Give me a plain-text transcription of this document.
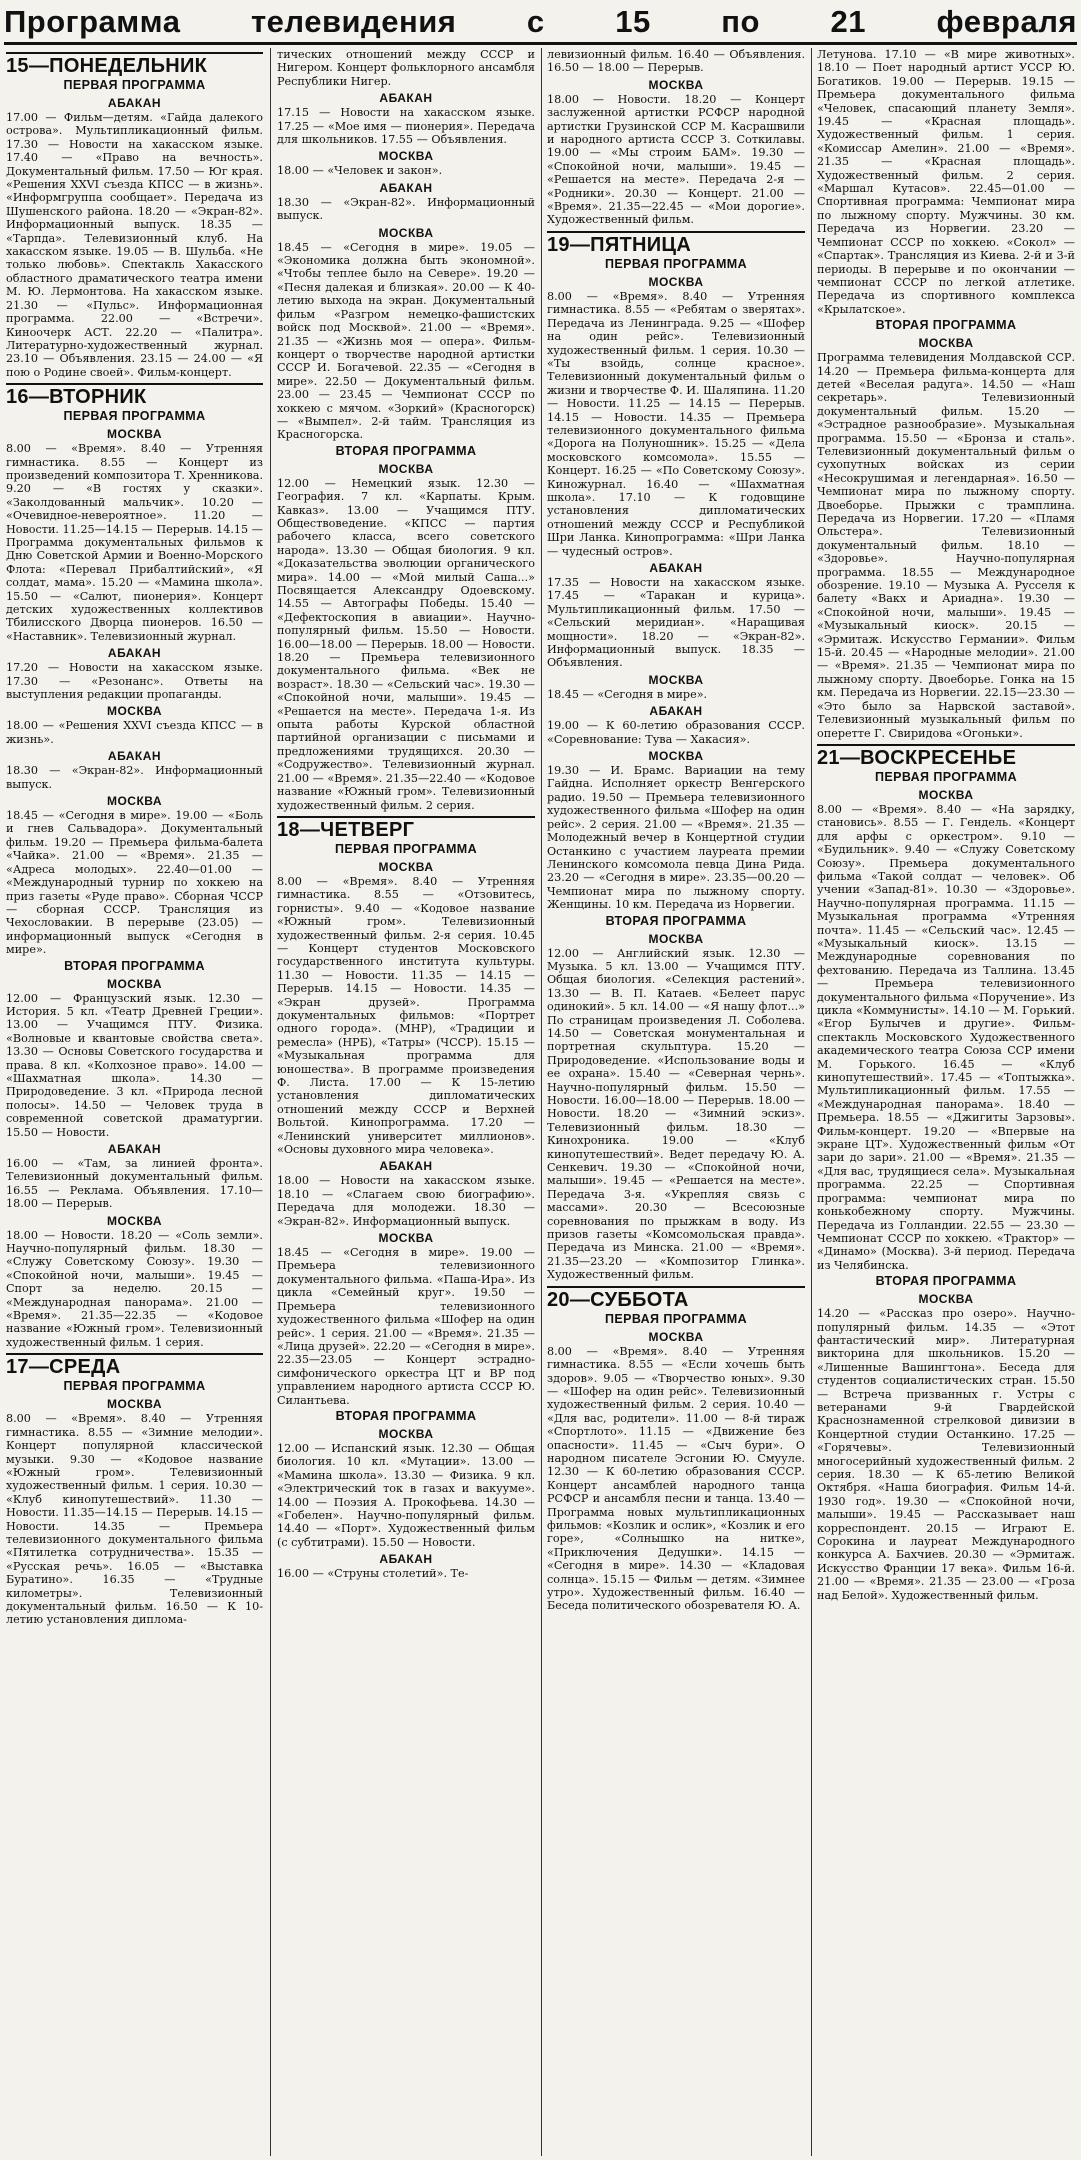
Программа телевидения с 15 по 21 февраля
15—ПОНЕДЕЛЬНИК
ПЕРВАЯ ПРОГРАММА
АБАКАН

17.00 — Фильм—детям. «Гайда далекого острова». Мультипликационный фильм. 17.30 — Новости на хакасском языке. 17.40 — «Право на вечность». Документальный фильм. 17.50 — Юг края. «Решения XXVI съезда КПСС — в жизнь». «Информгруппа сообщает». Передача из Шушенского района. 18.20 — «Экран-82». Информационный выпуск. 18.35 — «Тарпда». Телевизионный клуб. На хакасском языке. 19.05 — В. Шульба. «Не только любовь». Спектакль Хакасского областного драматического театра имени М. Ю. Лермонтова. На хакасском языке. 21.30 — «Пульс». Информационная программа. 22.00 — «Встречи». Киноочерк АСТ. 22.20 — «Палитра». Литературно-художественный журнал. 23.10 — Объявления. 23.15 — 24.00 — «Я пою о Родине своей». Фильм-концерт.

16—ВТОРНИК
ПЕРВАЯ ПРОГРАММА
МОСКВА

8.00 — «Время». 8.40 — Утренняя гимнастика. 8.55 — Концерт из произведений композитора Т. Хренникова. 9.20 — «В гостях у сказки». «Заколдованный мальчик». 10.20 — «Очевидное-невероятное». 11.20 — Новости. 11.25—14.15 — Перерыв. 14.15 — Программа документальных фильмов к Дню Советской Армии и Военно-Морского Флота: «Перевал Прибалтийский», «Я солдат, мама». 15.20 — «Мамина школа». 15.50 — «Салют, пионерия». Концерт детских художественных коллективов Тбилисского Дворца пионеров. 16.50 — «Наставник». Телевизионный журнал.

АБАКАН

17.20 — Новости на хакасском языке. 17.30 — «Резонанс». Ответы на выступления редакции пропаганды.

МОСКВА

18.00 — «Решения XXVI съезда КПСС — в жизнь».

АБАКАН

18.30 — «Экран-82». Информационный выпуск.

МОСКВА

18.45 — «Сегодня в мире». 19.00 — «Боль и гнев Сальвадора». Документальный фильм. 19.20 — Премьера фильма-балета «Чайка». 21.00 — «Время». 21.35 — «Адреса молодых». 22.40—01.00 — «Международный турнир по хоккею на приз газеты «Руде право». Сборная ЧССР — сборная СССР. Трансляция из Чехословакии. В перерыве (23.05) — информационный выпуск «Сегодня в мире».

ВТОРАЯ ПРОГРАММА
МОСКВА

12.00 — Французский язык. 12.30 — История. 5 кл. «Театр Древней Греции». 13.00 — Учащимся ПТУ. Физика. «Волновые и квантовые свойства света». 13.30 — Основы Советского государства и права. 8 кл. «Колхозное право». 14.00 — «Шахматная школа». 14.30 — Природоведение. 3 кл. «Природа лесной полосы». 14.50 — Человек труда в современной советской драматургии. 15.50 — Новости.

АБАКАН

16.00 — «Там, за линией фронта». Телевизионный документальный фильм. 16.55 — Реклама. Объявления. 17.10—18.00 — Перерыв.

МОСКВА

18.00 — Новости. 18.20 — «Соль земли». Научно-популярный фильм. 18.30 — «Служу Советскому Союзу». 19.30 — «Спокойной ночи, малыши». 19.45 — Спорт за неделю. 20.15 — «Международная панорама». 21.00 — «Время». 21.35—22.35 — «Кодовое название «Южный гром». Телевизионный художественный фильм. 1 серия.

17—СРЕДА
ПЕРВАЯ ПРОГРАММА
МОСКВА

8.00 — «Время». 8.40 — Утренняя гимнастика. 8.55 — «Зимние мелодии». Концерт популярной классической музыки. 9.30 — «Кодовое название «Южный гром». Телевизионный художественный фильм. 1 серия. 10.30 — «Клуб кинопутешествий». 11.30 — Новости. 11.35—14.15 — Перерыв. 14.15 — Новости. 14.35 — Премьера телевизионного документального фильма «Пятилетка сотрудничества». 15.35 — «Русская речь». 16.05 — «Выставка Буратино». 16.35 — «Трудные километры». Телевизионный документальный фильм. 16.50 — К 10-летию установления диплома-

тических отношений между СССР и Нигером. Концерт фольклорного ансамбля Республики Нигер.

АБАКАН

17.15 — Новости на хакасском языке. 17.25 — «Мое имя — пионерия». Передача для школьников. 17.55 — Объявления.

МОСКВА

18.00 — «Человек и закон».

АБАКАН

18.30 — «Экран-82». Информационный выпуск.

МОСКВА

18.45 — «Сегодня в мире». 19.05 — «Экономика должна быть экономной». «Чтобы теплее было на Севере». 19.20 — «Песня далекая и близкая». 20.00 — К 40-летию выхода на экран. Документальный фильм «Разгром немецко-фашистских войск под Москвой». 21.00 — «Время». 21.35 — «Жизнь моя — опера». Фильм-концерт о творчестве народной артистки СССР И. Богачевой. 22.35 — «Сегодня в мире». 22.50 — Документальный фильм. 23.00 — 23.45 — Чемпионат СССР по хоккею с мячом. «Зоркий» (Красногорск) — «Вымпел». 2-й тайм. Трансляция из Красногорска.

ВТОРАЯ ПРОГРАММА
МОСКВА

12.00 — Немецкий язык. 12.30 — География. 7 кл. «Карпаты. Крым. Кавказ». 13.00 — Учащимся ПТУ. Обществоведение. «КПСС — партия рабочего класса, всего советского народа». 13.30 — Общая биология. 9 кл. «Доказательства эволюции органического мира». 14.00 — «Мой милый Саша...» Посвящается Александру Одоевскому. 14.55 — Автографы Победы. 15.40 — «Дефектоскопия в авиации». Научно-популярный фильм. 15.50 — Новости. 16.00—18.00 — Перерыв. 18.00 — Новости. 18.20 — Премьера телевизионного документального фильма. «Век не возраст». 18.30 — «Сельский час». 19.30 — «Спокойной ночи, малыши». 19.45 — «Решается на месте». Передача 1-я. Из опыта работы Курской областной партийной организации с письмами и предложениями трудящихся. 20.30 — «Содружество». Телевизионный журнал. 21.00 — «Время». 21.35—22.40 — «Кодовое название «Южный гром». Телевизионный художественный фильм. 2 серия.

18—ЧЕТВЕРГ
ПЕРВАЯ ПРОГРАММА
МОСКВА

8.00 — «Время». 8.40 — Утренняя гимнастика. 8.55 — «Отзовитесь, горнисты». 9.40 — «Кодовое название «Южный гром». Телевизионный художественный фильм. 2-я серия. 10.45 — Концерт студентов Московского государственного института культуры. 11.30 — Новости. 11.35 — 14.15 — Перерыв. 14.15 — Новости. 14.35 — «Экран друзей». Программа документальных фильмов: «Портрет одного города». (МНР), «Традиции и ремесла» (НРБ), «Татры» (ЧССР). 15.15 — «Музыкальная программа для юношества». В программе произведения Ф. Листа. 17.00 — К 15-летию установления дипломатических отношений между СССР и Верхней Вольтой. Кинопрограмма. 17.20 — «Ленинский университет миллионов». «Основы духовного мира человека».

АБАКАН

18.00 — Новости на хакасском языке. 18.10 — «Слагаем свою биографию». Передача для молодежи. 18.30 — «Экран-82». Информационный выпуск.

МОСКВА

18.45 — «Сегодня в мире». 19.00 — Премьера телевизионного документального фильма. «Паша-Ира». Из цикла «Семейный круг». 19.50 — Премьера телевизионного художественного фильма «Шофер на один рейс». 1 серия. 21.00 — «Время». 21.35 — «Лица друзей». 22.20 — «Сегодня в мире». 22.35—23.05 — Концерт эстрадно-симфонического оркестра ЦТ и ВР под управлением народного артиста СССР Ю. Силантьева.

ВТОРАЯ ПРОГРАММА
МОСКВА

12.00 — Испанский язык. 12.30 — Общая биология. 10 кл. «Мутации». 13.00 — «Мамина школа». 13.30 — Физика. 9 кл. «Электрический ток в газах и вакууме». 14.00 — Поэзия А. Прокофьева. 14.30 — «Гобелен». Научно-популярный фильм. 14.40 — «Порт». Художественный фильм (с субтитрами). 15.50 — Новости.

АБАКАН

16.00 — «Струны столетий». Те-

левизионный фильм. 16.40 — Объявления. 16.50 — 18.00 — Перерыв.

МОСКВА

18.00 — Новости. 18.20 — Концерт заслуженной артистки РСФСР народной артистки Грузинской ССР М. Касрашвили и народного артиста СССР З. Соткилавы. 19.00 — «Мы строим БАМ». 19.30 — «Спокойной ночи, малыши». 19.45 — «Решается на месте». Передача 2-я — «Родники». 20.30 — Концерт. 21.00 — «Время». 21.35—22.45 — «Мои дорогие». Художественный фильм.

19—ПЯТНИЦА
ПЕРВАЯ ПРОГРАММА
МОСКВА

8.00 — «Время». 8.40 — Утренняя гимнастика. 8.55 — «Ребятам о зверятах». Передача из Ленинграда. 9.25 — «Шофер на один рейс». Телевизионный художественный фильм. 1 серия. 10.30 — «Ты взойдь, солнце красное». Телевизионный документальный фильм о жизни и творчестве Ф. И. Шаляпина. 11.20 — Новости. 11.25 — 14.15 — Перерыв. 14.15 — Новости. 14.35 — Премьера телевизионного документального фильма «Дорога на Полуношник». 15.25 — «Дела московского комсомола». 15.55 — Концерт. 16.25 — «По Советскому Союзу». Киножурнал. 16.40 — «Шахматная школа». 17.10 — К годовщине установления дипломатических отношений между СССР и Республикой Шри Ланка. Кинопрограмма: «Шри Ланка — чудесный остров».

АБАКАН

17.35 — Новости на хакасском языке. 17.45 — «Таракан и курица». Мультипликационный фильм. 17.50 — «Сельский меридиан». «Наращивая мощности». 18.20 — «Экран-82». Информационный выпуск. 18.35 — Объявления.

МОСКВА

18.45 — «Сегодня в мире».

АБАКАН

19.00 — К 60-летию образования СССР. «Соревнование: Тува — Хакасия».

МОСКВА

19.30 — И. Брамс. Вариации на тему Гайдна. Исполняет оркестр Венгерского радио. 19.50 — Премьера телевизионного художественного фильма «Шофер на один рейс». 2 серия. 21.00 — «Время». 21.35 — Молодежный вечер в Концертной студии Останкино с участием лауреата премии Ленинского комсомола певца Дина Рида. 23.20 — «Сегодня в мире». 23.35—00.20 — Чемпионат мира по лыжному спорту. Женщины. 10 км. Передача из Норвегии.

ВТОРАЯ ПРОГРАММА
МОСКВА

12.00 — Английский язык. 12.30 — Музыка. 5 кл. 13.00 — Учащимся ПТУ. Общая биология. «Селекция растений». 13.30 — В. П. Катаев. «Белеет парус одинокий». 5 кл. 14.00 — «Я нашу флот...» По страницам произведения Л. Соболева. 14.50 — Советская монументальная и портретная скульптура. 15.20 — Природоведение. «Использование воды и ее охрана». 15.40 — «Северная чернь». Научно-популярный фильм. 15.50 — Новости. 16.00—18.00 — Перерыв. 18.00 — Новости. 18.20 — «Зимний эскиз». Телевизионный фильм. 18.30 — Кинохроника. 19.00 — «Клуб кинопутешествий». Ведет передачу Ю. А. Сенкевич. 19.30 — «Спокойной ночи, малыши». 19.45 — «Решается на месте». Передача 3-я. «Укрепляя связь с массами». 20.30 — Всесоюзные соревнования по прыжкам в воду. Из призов газеты «Комсомольская правда». Передача из Минска. 21.00 — «Время». 21.35—23.20 — «Композитор Глинка». Художественный фильм.

20—СУББОТА
ПЕРВАЯ ПРОГРАММА
МОСКВА

8.00 — «Время». 8.40 — Утренняя гимнастика. 8.55 — «Если хочешь быть здоров». 9.05 — «Творчество юных». 9.30 — «Шофер на один рейс». Телевизионный художественный фильм. 2 серия. 10.40 — «Для вас, родители». 11.00 — 8-й тираж «Спортлото». 11.15 — «Движение без опасности». 11.45 — «Сыч бури». О народном писателе Эсгонии Ю. Смууле. 12.30 — К 60-летию образования СССР. Концерт ансамблей народного танца РСФСР и ансамбля песни и танца. 13.40 — Программа новых мультипликационных фильмов: «Козлик и ослик», «Козлик и его горе», «Солнышко на нитке», «Приключения Дедушки». 14.15 — «Сегодня в мире». 14.30 — «Кладовая солнца». 15.15 — Фильм — детям. «Зимнее утро». Художественный фильм. 16.40 — Беседа политического обозревателя Ю. А.

Летунова. 17.10 — «В мире животных». 18.10 — Поет народный артист УССР Ю. Богатиков. 19.00 — Перерыв. 19.15 — Премьера документального фильма «Человек, спасающий планету Земля». 19.45 — «Красная площадь». Художественный фильм. 1 серия. «Комиссар Амелин». 21.00 — «Время». 21.35 — «Красная площадь». Художественный фильм. 2 серия. «Маршал Кутасов». 22.45—01.00 — Спортивная программа: Чемпионат мира по лыжному спорту. Мужчины. 30 км. Передача из Норвегии. 23.20 — Чемпионат СССР по хоккею. «Сокол» — «Спартак». Трансляция из Киева. 2-й и 3-й периоды. В перерыве и по окончании — чемпионат СССР по легкой атлетике. Передача из спортивного комплекса «Крылатское».

ВТОРАЯ ПРОГРАММА
МОСКВА

Программа телевидения Молдавской ССР. 14.20 — Премьера фильма-концерта для детей «Веселая радуга». 14.50 — «Наш секретарь». Телевизионный документальный фильм. 15.20 — «Эстрадное разнообразие». Музыкальная программа. 15.50 — «Бронза и сталь». Телевизионный документальный фильм о сухопутных войсках из серии «Несокрушимая и легендарная». 16.50 — Чемпионат мира по лыжному спорту. Двоеборье. Прыжки с трамплина. Передача из Норвегии. 17.20 — «Пламя Ольстера». Телевизионный документальный фильм. 18.10 — «Здоровье». Научно-популярная программа. 18.55 — Международное обозрение. 19.10 — Музыка А. Русселя к балету «Вакх и Ариадна». 19.30 — «Спокойной ночи, малыши». 19.45 — «Музыкальный киоск». 20.15 — «Эрмитаж. Искусство Германии». Фильм 15-й. 20.45 — «Народные мелодии». 21.00 — «Время». 21.35 — Чемпионат мира по лыжному спорту. Двоеборье. Гонка на 15 км. Передача из Норвегии. 22.15—23.30 — «Это было за Нарвской заставой». Телевизионный музыкальный фильм по оперетте Г. Свиридова «Огоньки».

21—ВОСКРЕСЕНЬЕ
ПЕРВАЯ ПРОГРАММА
МОСКВА

8.00 — «Время». 8.40 — «На зарядку, становись». 8.55 — Г. Гендель. «Концерт для арфы с оркестром». 9.10 — «Будильник». 9.40 — «Служу Советскому Союзу». Премьера документального фильма «Такой солдат — человек». Об учении «Запад-81». 10.30 — «Здоровье». Научно-популярная программа. 11.15 — Музыкальная программа «Утренняя почта». 11.45 — «Сельский час». 12.45 — «Музыкальный киоск». 13.15 — Международные соревнования по фехтованию. Передача из Таллина. 13.45 — Премьера телевизионного документального фильма «Поручение». Из цикла «Коммунисты». 14.10 — М. Горький. «Егор Булычев и другие». Фильм-спектакль Московского Художественного академического театра Союза ССР имени М. Горького. 16.45 — «Клуб кинопутешествий». 17.45 — «Топтыжка». Мультипликационный фильм. 17.55 — «Международная панорама». 18.40 — Премьера. 18.55 — «Джигиты Зарзовы». Фильм-концерт. 19.20 — «Впервые на экране ЦТ». Художественный фильм «От зари до зари». 21.00 — «Время». 21.35 — «Для вас, трудящиеся села». Музыкальная программа. 22.25 — Спортивная программа: чемпионат мира по конькобежному спорту. Мужчины. Передача из Голландии. 22.55 — 23.30 — Чемпионат СССР по хоккею. «Трактор» — «Динамо» (Москва). 3-й период. Передача из Челябинска.

ВТОРАЯ ПРОГРАММА
МОСКВА

14.20 — «Рассказ про озеро». Научно-популярный фильм. 14.35 — «Этот фантастический мир». Литературная викторина для школьников. 15.20 — «Лишенные Вашингтона». Беседа для студентов социалистических стран. 15.50 — Встреча призванных г. Устры с ветеранами 9-й Гвардейской Краснознаменной стрелковой дивизии в Концертной студии Останкино. 17.25 — «Горячевы». Телевизионный многосерийный художественный фильм. 2 серия. 18.30 — К 65-летию Великой Октября. «Наша биография. Фильм 14-й. 1930 год». 19.30 — «Спокойной ночи, малыши». 19.45 — Рассказывает наш корреспондент. 20.15 — Играют Е. Сорокина и лауреат Международного конкурса А. Бахчиев. 20.30 — «Эрмитаж. Искусство Франции 17 века». Фильм 16-й. 21.00 — «Время». 21.35 — 23.00 — «Гроза над Белой». Художественный фильм.
